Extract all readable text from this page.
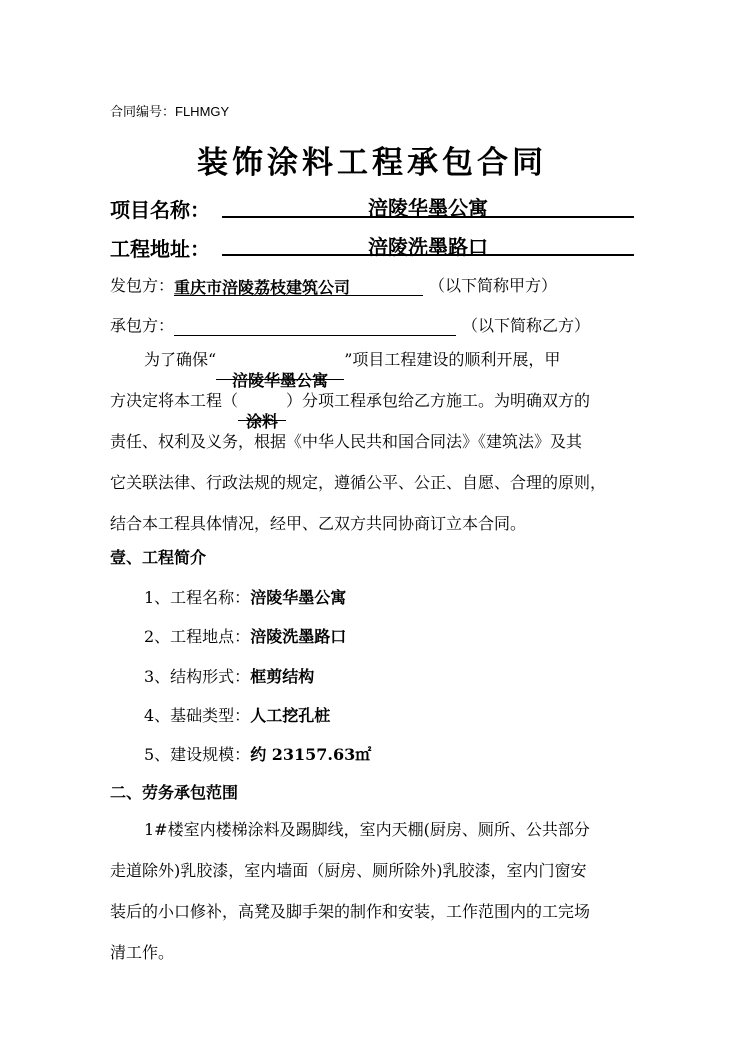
合同编号：FLHMGY
装饰涂料工程承包合同
项目名称：	涪陵华墨公寓
工程地址：	涪陵洗墨路口
发包方：重庆市涪陵荔枝建筑公司	（以下简称甲方）
承包方：	（以下简称乙方）

为了确保“涪陵华墨公寓”项目工程建设的顺利开展，甲

方决定将本工程（涂料）分项工程承包给乙方施工。为明确双方的

责任、权利及义务，根据《中华人民共和国合同法》《建筑法》及其

它关联法律、行政法规的规定，遵循公平、公正、自愿、合理的原则，

结合本工程具体情况，经甲、乙双方共同协商订立本合同。

壹、工程简介
1、工程名称：涪陵华墨公寓
2、工程地点：涪陵洗墨路口
3、结构形式：框剪结构
4、基础类型：人工挖孔桩
5、建设规模：约 23157.63㎡
二、劳务承包范围

1#楼室内楼梯涂料及踢脚线，室内天棚(厨房、厕所、公共部分

走道除外)乳胶漆，室内墙面（厨房、厕所除外)乳胶漆，室内门窗安

装后的小口修补，高凳及脚手架的制作和安装，工作范围内的工完场

清工作。
